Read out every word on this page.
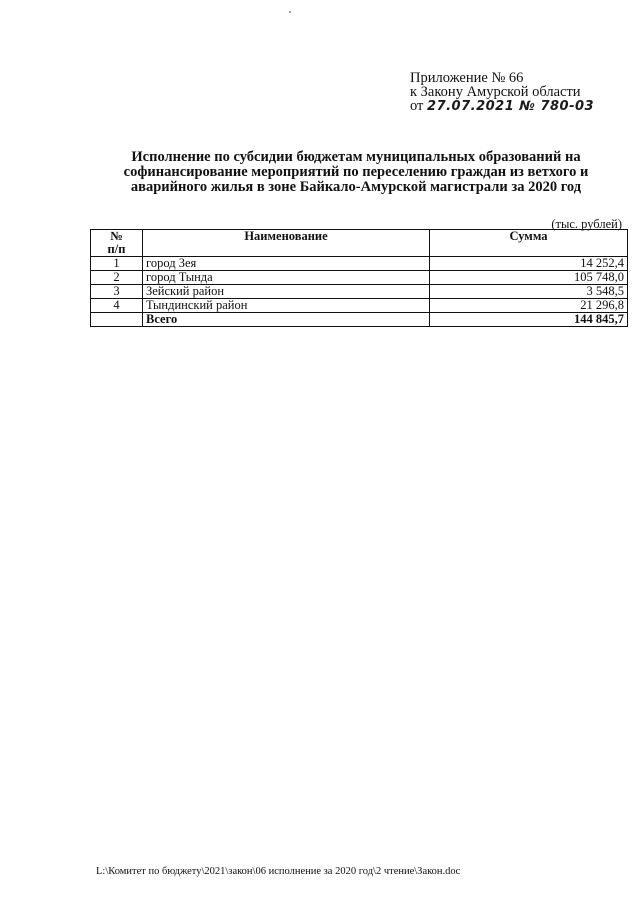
Приложение № 66
к Закону Амурской области
от 27.07.2021 № 780-03
Исполнение по субсидии бюджетам муниципальных образований на софинансирование мероприятий по переселению граждан из ветхого и аварийного жилья в зоне Байкало-Амурской магистрали за 2020 год
(тыс. рублей)
№
п/п	Наименование	Сумма
1	город Зея	14 252,4
2	город Тында	105 748,0
3	Зейский район	3 548,5
4	Тындинский район	21 296,8
	Всего	144 845,7
L:\Комитет по бюджету\2021\закон\06 исполнение за 2020 год\2 чтение\Закон.doc
